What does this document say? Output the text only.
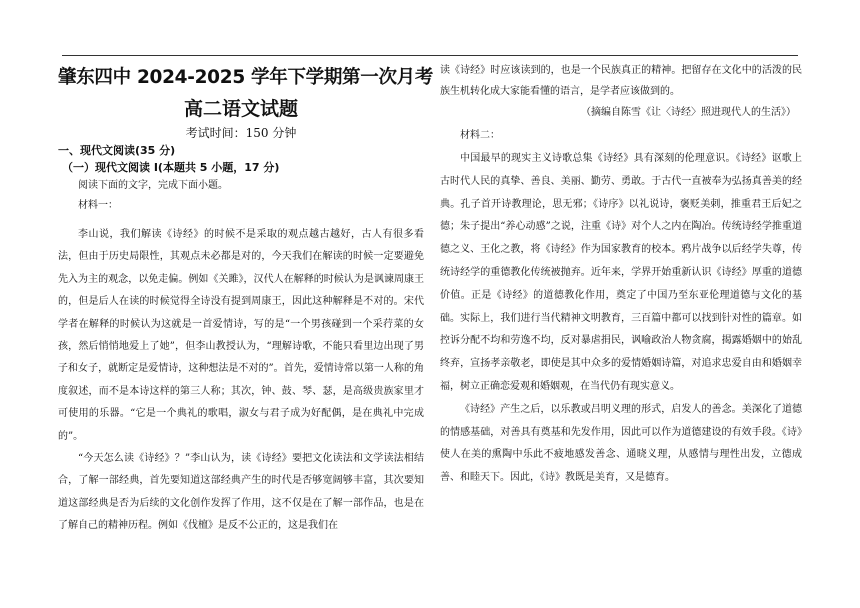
肇东四中 2024-2025 学年下学期第一次月考
高二语文试题
考试时间：150 分钟
一、现代文阅读(35 分)
（一）现代文阅读 I(本题共 5 小题，17 分)
阅读下面的文字，完成下面小题。
材料一：

李山说，我们解读《诗经》的时候不是采取的观点越古越好，古人有很多看法，但由于历史局限性，其观点未必都是对的，今天我们在解读的时候一定要避免先入为主的观念，以免走偏。例如《关雎》，汉代人在解释的时候认为是讽谏周康王的，但是后人在读的时候觉得全诗没有提到周康王，因此这种解释是不对的。宋代学者在解释的时候认为这就是一首爱情诗，写的是“一个男孩碰到一个采荇菜的女孩，然后悄悄地爱上了她”，但李山教授认为，“理解诗歌，不能只看里边出现了男子和女子，就断定是爱情诗，这种想法是不对的”。首先，爱情诗常以第一人称的角度叙述，而不是本诗这样的第三人称；其次，钟、鼓、琴、瑟，是高级贵族家里才可使用的乐器。“它是一个典礼的歌唱，淑女与君子成为好配偶，是在典礼中完成的”。

“今天怎么读《诗经》？”李山认为，读《诗经》要把文化读法和文学读法相结合，了解一部经典，首先要知道这部经典产生的时代是否够宽阔够丰富，其次要知道这部经典是否为后续的文化创作发挥了作用，这不仅是在了解一部作品，也是在了解自己的精神历程。例如《伐檀》是反不公正的，这是我们在

读《诗经》时应该读到的，也是一个民族真正的精神。把留存在文化中的活泼的民族生机转化成大家能看懂的语言，是学者应该做到的。

（摘编自陈雪《让〈诗经〉照进现代人的生活》）
材料二：

中国最早的现实主义诗歌总集《诗经》具有深刻的伦理意识。《诗经》讴歌上古时代人民的真挚、善良、美丽、勤劳、勇敢。于古代一直被奉为弘扬真善美的经典。孔子首开诗教理论，思无邪；《诗序》以礼说诗，褒贬美刺，推重君王后妃之德；朱子提出“养心动感”之说，注重《诗》对个人之内在陶冶。传统诗经学推重道德之义、王化之教，将《诗经》作为国家教育的校本。鸦片战争以后经学失尊，传统诗经学的重德教化传统被抛弃。近年来，学界开始重新认识《诗经》厚重的道德价值。正是《诗经》的道德教化作用，奠定了中国乃至东亚伦理道德与文化的基础。实际上，我们进行当代精神文明教育，三百篇中都可以找到针对性的篇章。如控诉分配不均和劳逸不均，反对暴虐捐民，讽喻政治人物贪腐，揭露婚姻中的始乱终弃，宣扬孝亲敬老，即使是其中众多的爱情婚姻诗篇，对追求忠爱自由和婚姻幸福，树立正确恋爱观和婚姻观，在当代仍有现实意义。

《诗经》产生之后，以乐教或吕明义理的形式，启发人的善念。美深化了道德的情感基础，对善具有奠基和先发作用，因此可以作为道德建设的有效手段。《诗》使人在美的熏陶中乐此不疲地感发善念、通晓义理，从感情与理性出发，立德成善、和睦天下。因此，《诗》教既是美育，又是德育。
